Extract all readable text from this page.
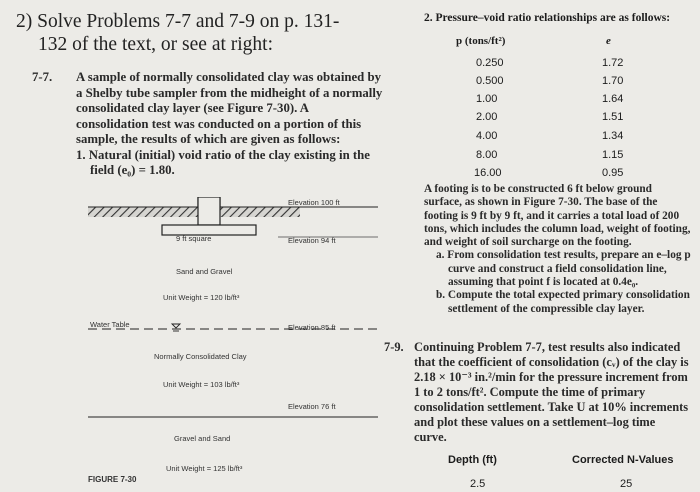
2) Solve Problems 7-7 and 7-9 on p. 131-
132 of the text, or see at right:
7-7.	A sample of normally consolidated clay was obtained by a Shelby tube sampler from the midheight of a normally consolidated clay layer (see Figure 7-30). A consolidation test was conducted on a portion of this sample, the results of which are given as follows:
1. Natural (initial) void ratio of the clay existing in the field (e₀) = 1.80.
Elevation 100 ft
9 ft square	Elevation 94 ft
Sand and Gravel
Unit Weight = 120 lb/ft³
Water Table	Elevation 85 ft
Normally Consolidated Clay
Unit Weight = 103 lb/ft³
Elevation 76 ft
Gravel and Sand
Unit Weight = 125 lb/ft³
FIGURE 7-30
2. Pressure–void ratio relationships are as follows:
p (tons/ft²)	e
0.250	1.72
0.500	1.70
1.00	1.64
2.00	1.51
4.00	1.34
8.00	1.15
16.00	0.95
A footing is to be constructed 6 ft below ground surface, as shown in Figure 7-30. The base of the footing is 9 ft by 9 ft, and it carries a total load of 200 tons, which includes the column load, weight of footing, and weight of soil surcharge on the footing.
a. From consolidation test results, prepare an e–log p curve and construct a field consolidation line, assuming that point f is located at 0.4e₀.
b. Compute the total expected primary consolidation settlement of the compressible clay layer.
7-9. Continuing Problem 7-7, test results also indicated that the coefficient of consolidation (cᵥ) of the clay is 2.18 × 10⁻³ in.²/min for the pressure increment from 1 to 2 tons/ft². Compute the time of primary consolidation settlement. Take U at 10% increments and plot these values on a settlement–log time curve.
Depth (ft)	Corrected N-Values
2.5	25
